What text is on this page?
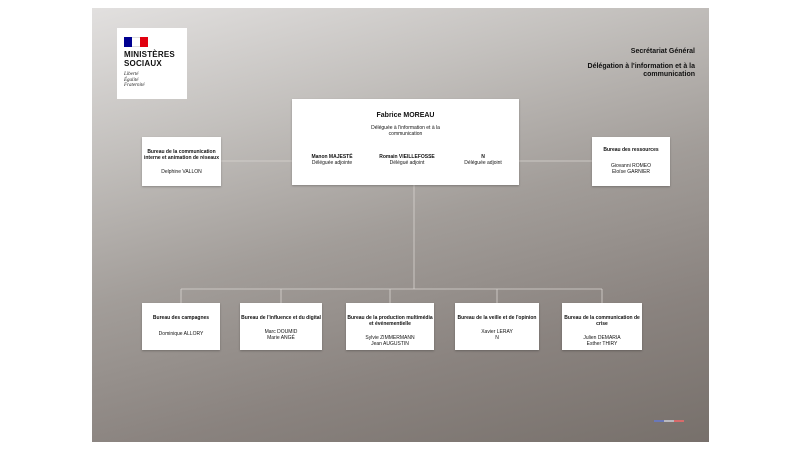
MINISTÈRES
SOCIAUX
Liberté
Égalité
Fraternité
Secrétariat Général
Délégation à l'information et à la communication
Fabrice MOREAU
Déléguée à l'information et à la communication
Manon MAJESTÉ
Déléguée adjointe
Romain VIEILLEFOSSE
Délégué adjoint
N
Déléguée adjoint
Bureau de la communication interne et animation de réseaux
Delphine VALLON
Bureau des ressources
Giovanni ROMEO
Eloïse GARNIER
Bureau des campagnes
Dominique ALLORY
Bureau de l'influence et du digital
Marc DOUMID
Marie ANGÉ
Bureau de la production multimédia et événementielle
Sylvie ZIMMERMANN
Jean AUGUSTIN
Bureau de la veille et de l'opinion
Xavier LERAY
N
Bureau de la communication de crise
Julien DEMARIA
Esther THIRY
